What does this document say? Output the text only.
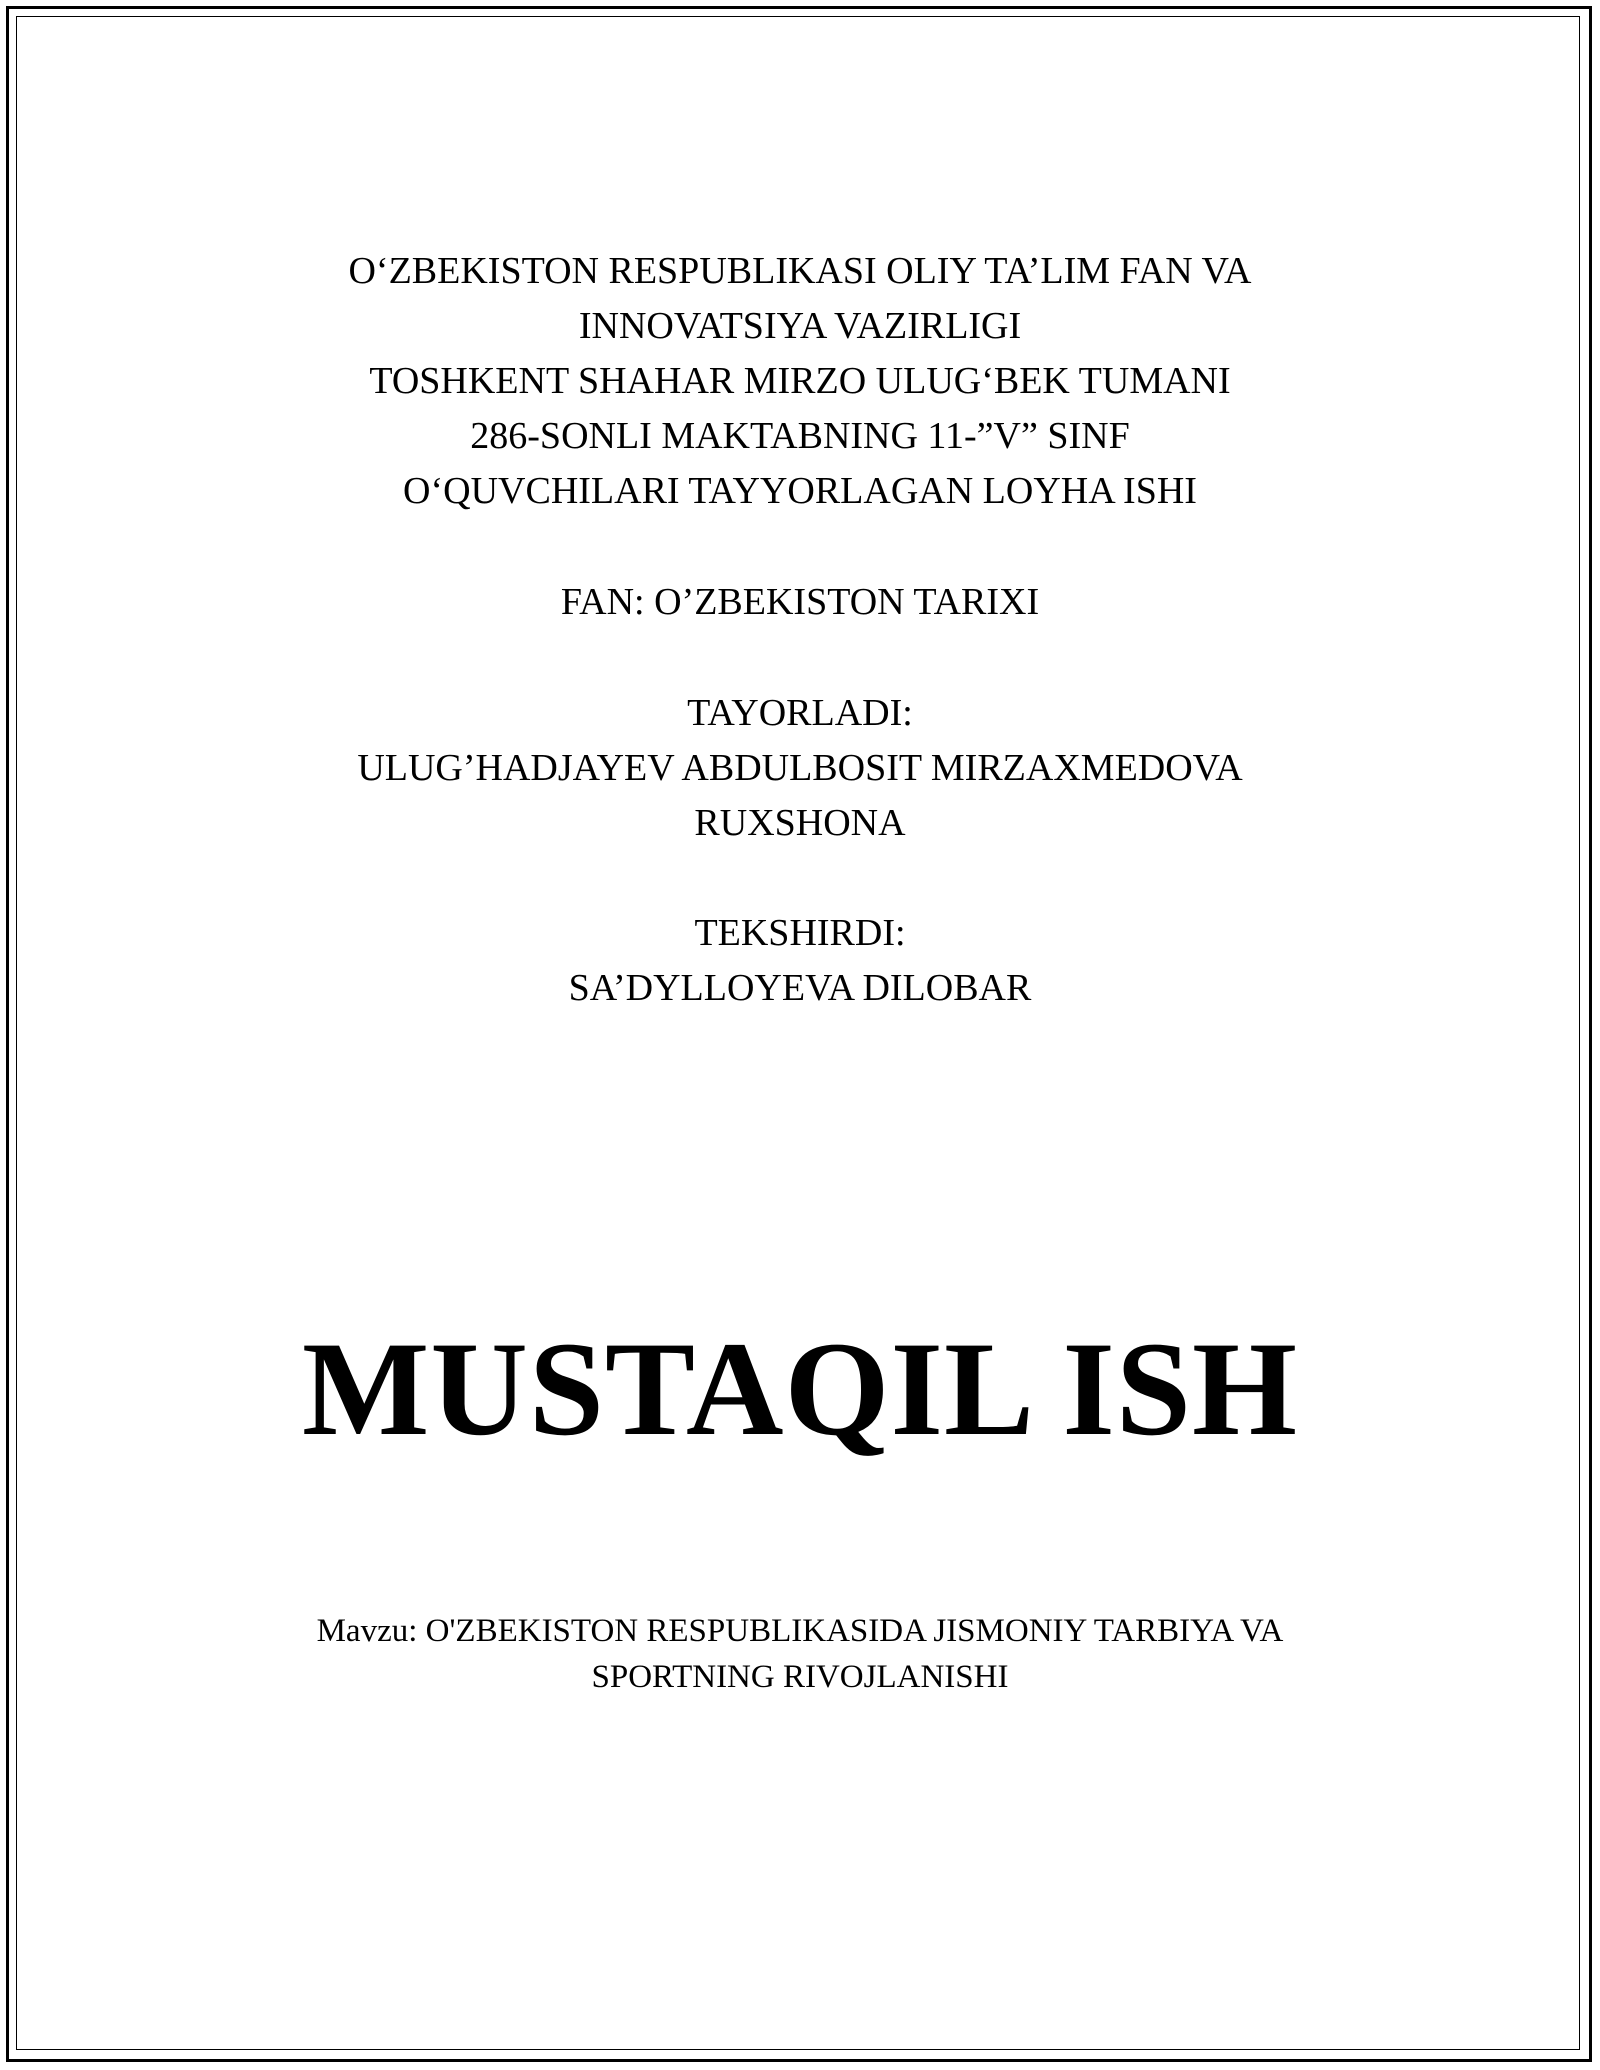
O‘ZBEKISTON RESPUBLIKASI OLIY TA’LIM FAN VA
INNOVATSIYA VAZIRLIGI
TOSHKENT SHAHAR MIRZO ULUG‘BEK TUMANI
286-SONLI MAKTABNING 11-”V” SINF
O‘QUVCHILARI TAYYORLAGAN LOYHA ISHI
FAN: O’ZBEKISTON TARIXI
TAYORLADI:
ULUG’HADJAYEV ABDULBOSIT MIRZAXMEDOVA
RUXSHONA
TEKSHIRDI:
SA’DYLLOYEVA DILOBAR
MUSTAQIL ISH
Mavzu: O'ZBEKISTON RESPUBLIKASIDA JISMONIY TARBIYA VA
SPORTNING RIVOJLANISHI
